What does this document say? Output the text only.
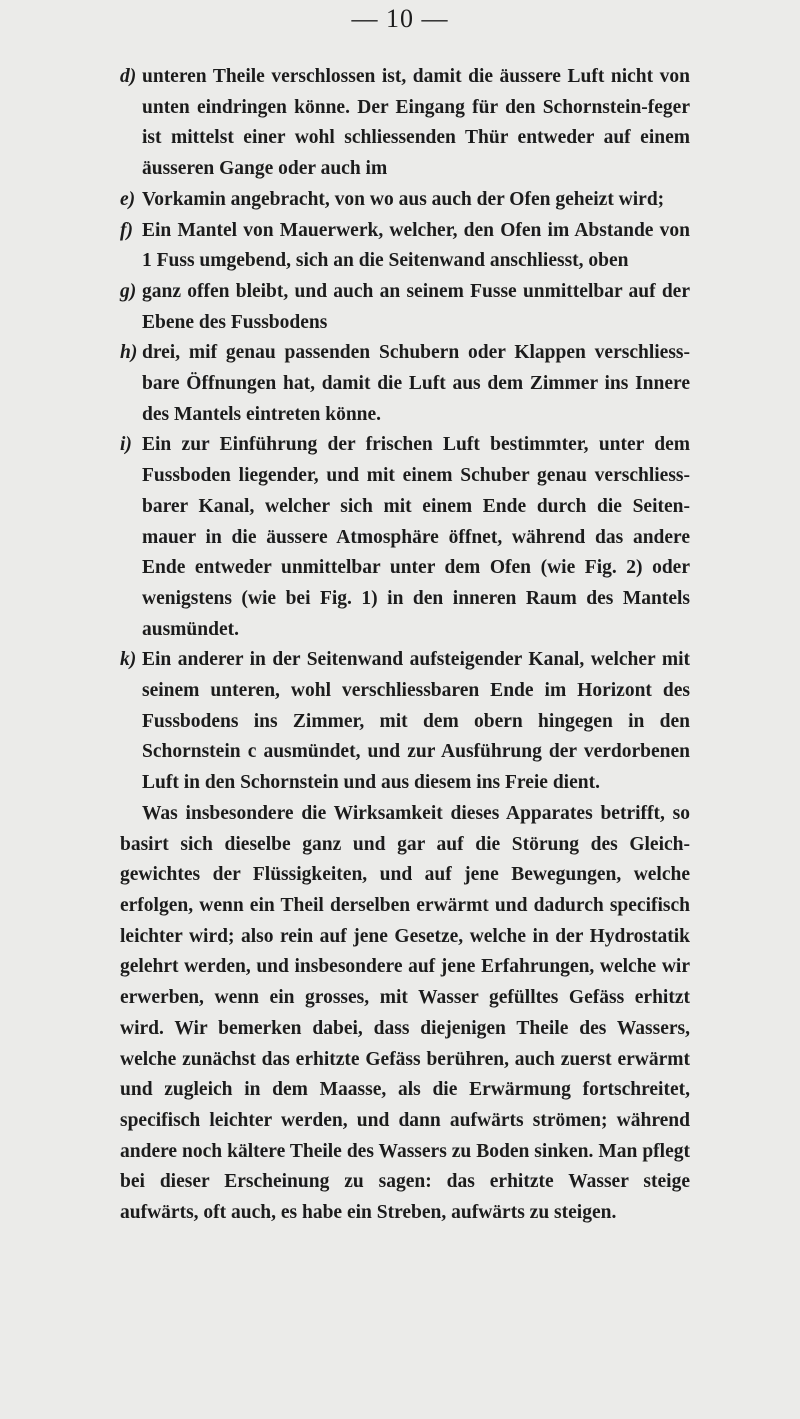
— 10 —
d) unteren Theile verschlossen ist, damit die äussere Luft nicht von unten eindringen könne. Der Eingang für den Schornstein-feger ist mittelst einer wohl schliessenden Thür entweder auf einem äusseren Gange oder auch im
e) Vorkamin angebracht, von wo aus auch der Ofen geheizt wird;
f) Ein Mantel von Mauerwerk, welcher, den Ofen im Abstande von 1 Fuss umgebend, sich an die Seitenwand anschliesst, oben
g) ganz offen bleibt, und auch an seinem Fusse unmittelbar auf der Ebene des Fussbodens
h) drei, mif genau passenden Schubern oder Klappen verschliess-bare Öffnungen hat, damit die Luft aus dem Zimmer ins Innere des Mantels eintreten könne.
i) Ein zur Einführung der frischen Luft bestimmter, unter dem Fussboden liegender, und mit einem Schuber genau verschliess-barer Kanal, welcher sich mit einem Ende durch die Seiten-mauer in die äussere Atmosphäre öffnet, während das andere Ende entweder unmittelbar unter dem Ofen (wie Fig. 2) oder wenigstens (wie bei Fig. 1) in den inneren Raum des Mantels ausmündet.
k) Ein anderer in der Seitenwand aufsteigender Kanal, welcher mit seinem unteren, wohl verschliessbaren Ende im Horizont des Fussbodens ins Zimmer, mit dem obern hingegen in den Schornstein c ausmündet, und zur Ausführung der verdorbenen Luft in den Schornstein und aus diesem ins Freie dient.

Was insbesondere die Wirksamkeit dieses Apparates betrifft, so basirt sich dieselbe ganz und gar auf die Störung des Gleich-gewichtes der Flüssigkeiten, und auf jene Bewegungen, welche erfolgen, wenn ein Theil derselben erwärmt und dadurch specifisch leichter wird; also rein auf jene Gesetze, welche in der Hydrostatik gelehrt werden, und insbesondere auf jene Erfahrungen, welche wir erwerben, wenn ein grosses, mit Wasser gefülltes Gefäss erhitzt wird. Wir bemerken dabei, dass diejenigen Theile des Wassers, welche zunächst das erhitzte Gefäss berühren, auch zuerst erwärmt und zugleich in dem Maasse, als die Erwärmung fortschreitet, specifisch leichter werden, und dann aufwärts strömen; während andere noch kältere Theile des Wassers zu Boden sinken. Man pflegt bei dieser Erscheinung zu sagen: das erhitzte Wasser steige aufwärts, oft auch, es habe ein Streben, aufwärts zu steigen.
